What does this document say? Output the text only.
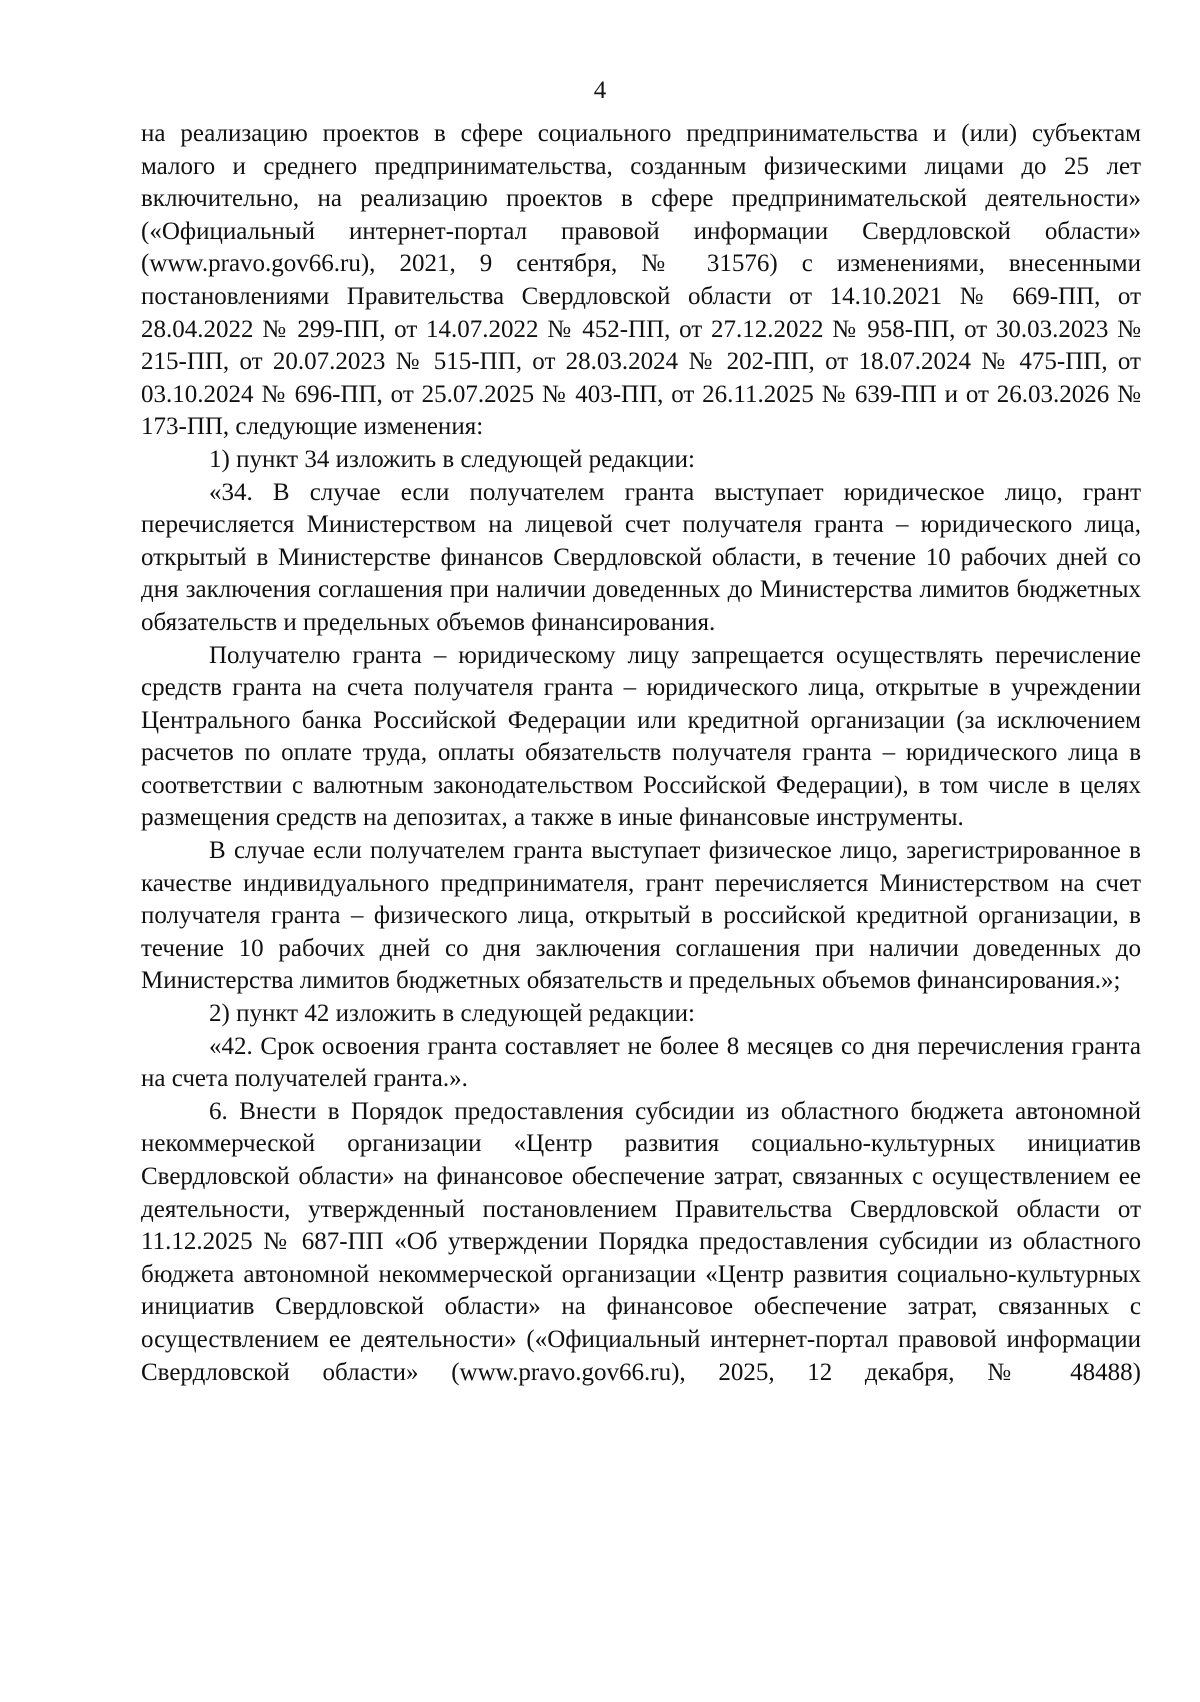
4

на реализацию проектов в сфере социального предпринимательства и (или) субъектам малого и среднего предпринимательства, созданным физическими лицами до 25 лет включительно, на реализацию проектов в сфере предпринимательской деятельности» («Официальный интернет-портал правовой информации Свердловской области» (www.pravo.gov66.ru), 2021, 9 сентября, № 31576) с изменениями, внесенными постановлениями Правительства Свердловской области от 14.10.2021 № 669-ПП, от 28.04.2022 № 299-ПП, от 14.07.2022 № 452-ПП, от 27.12.2022 № 958-ПП, от 30.03.2023 № 215-ПП, от 20.07.2023 № 515-ПП, от 28.03.2024 № 202-ПП, от 18.07.2024 № 475-ПП, от 03.10.2024 № 696-ПП, от 25.07.2025 № 403-ПП, от 26.11.2025 № 639-ПП и от 26.03.2026 № 173-ПП, следующие изменения:

1) пункт 34 изложить в следующей редакции:

«34. В случае если получателем гранта выступает юридическое лицо, грант перечисляется Министерством на лицевой счет получателя гранта – юридического лица, открытый в Министерстве финансов Свердловской области, в течение 10 рабочих дней со дня заключения соглашения при наличии доведенных до Министерства лимитов бюджетных обязательств и предельных объемов финансирования.

Получателю гранта – юридическому лицу запрещается осуществлять перечисление средств гранта на счета получателя гранта – юридического лица, открытые в учреждении Центрального банка Российской Федерации или кредитной организации (за исключением расчетов по оплате труда, оплаты обязательств получателя гранта – юридического лица в соответствии с валютным законодательством Российской Федерации), в том числе в целях размещения средств на депозитах, а также в иные финансовые инструменты.

В случае если получателем гранта выступает физическое лицо, зарегистрированное в качестве индивидуального предпринимателя, грант перечисляется Министерством на счет получателя гранта – физического лица, открытый в российской кредитной организации, в течение 10 рабочих дней со дня заключения соглашения при наличии доведенных до Министерства лимитов бюджетных обязательств и предельных объемов финансирования.»;

2) пункт 42 изложить в следующей редакции:

«42. Срок освоения гранта составляет не более 8 месяцев со дня перечисления гранта на счета получателей гранта.».

6. Внести в Порядок предоставления субсидии из областного бюджета автономной некоммерческой организации «Центр развития социально-культурных инициатив Свердловской области» на финансовое обеспечение затрат, связанных с осуществлением ее деятельности, утвержденный постановлением Правительства Свердловской области от 11.12.2025 № 687-ПП «Об утверждении Порядка предоставления субсидии из областного бюджета автономной некоммерческой организации «Центр развития социально-культурных инициатив Свердловской области» на финансовое обеспечение затрат, связанных с осуществлением ее деятельности» («Официальный интернет-портал правовой информации Свердловской области» (www.pravo.gov66.ru), 2025, 12 декабря, № 48488)
